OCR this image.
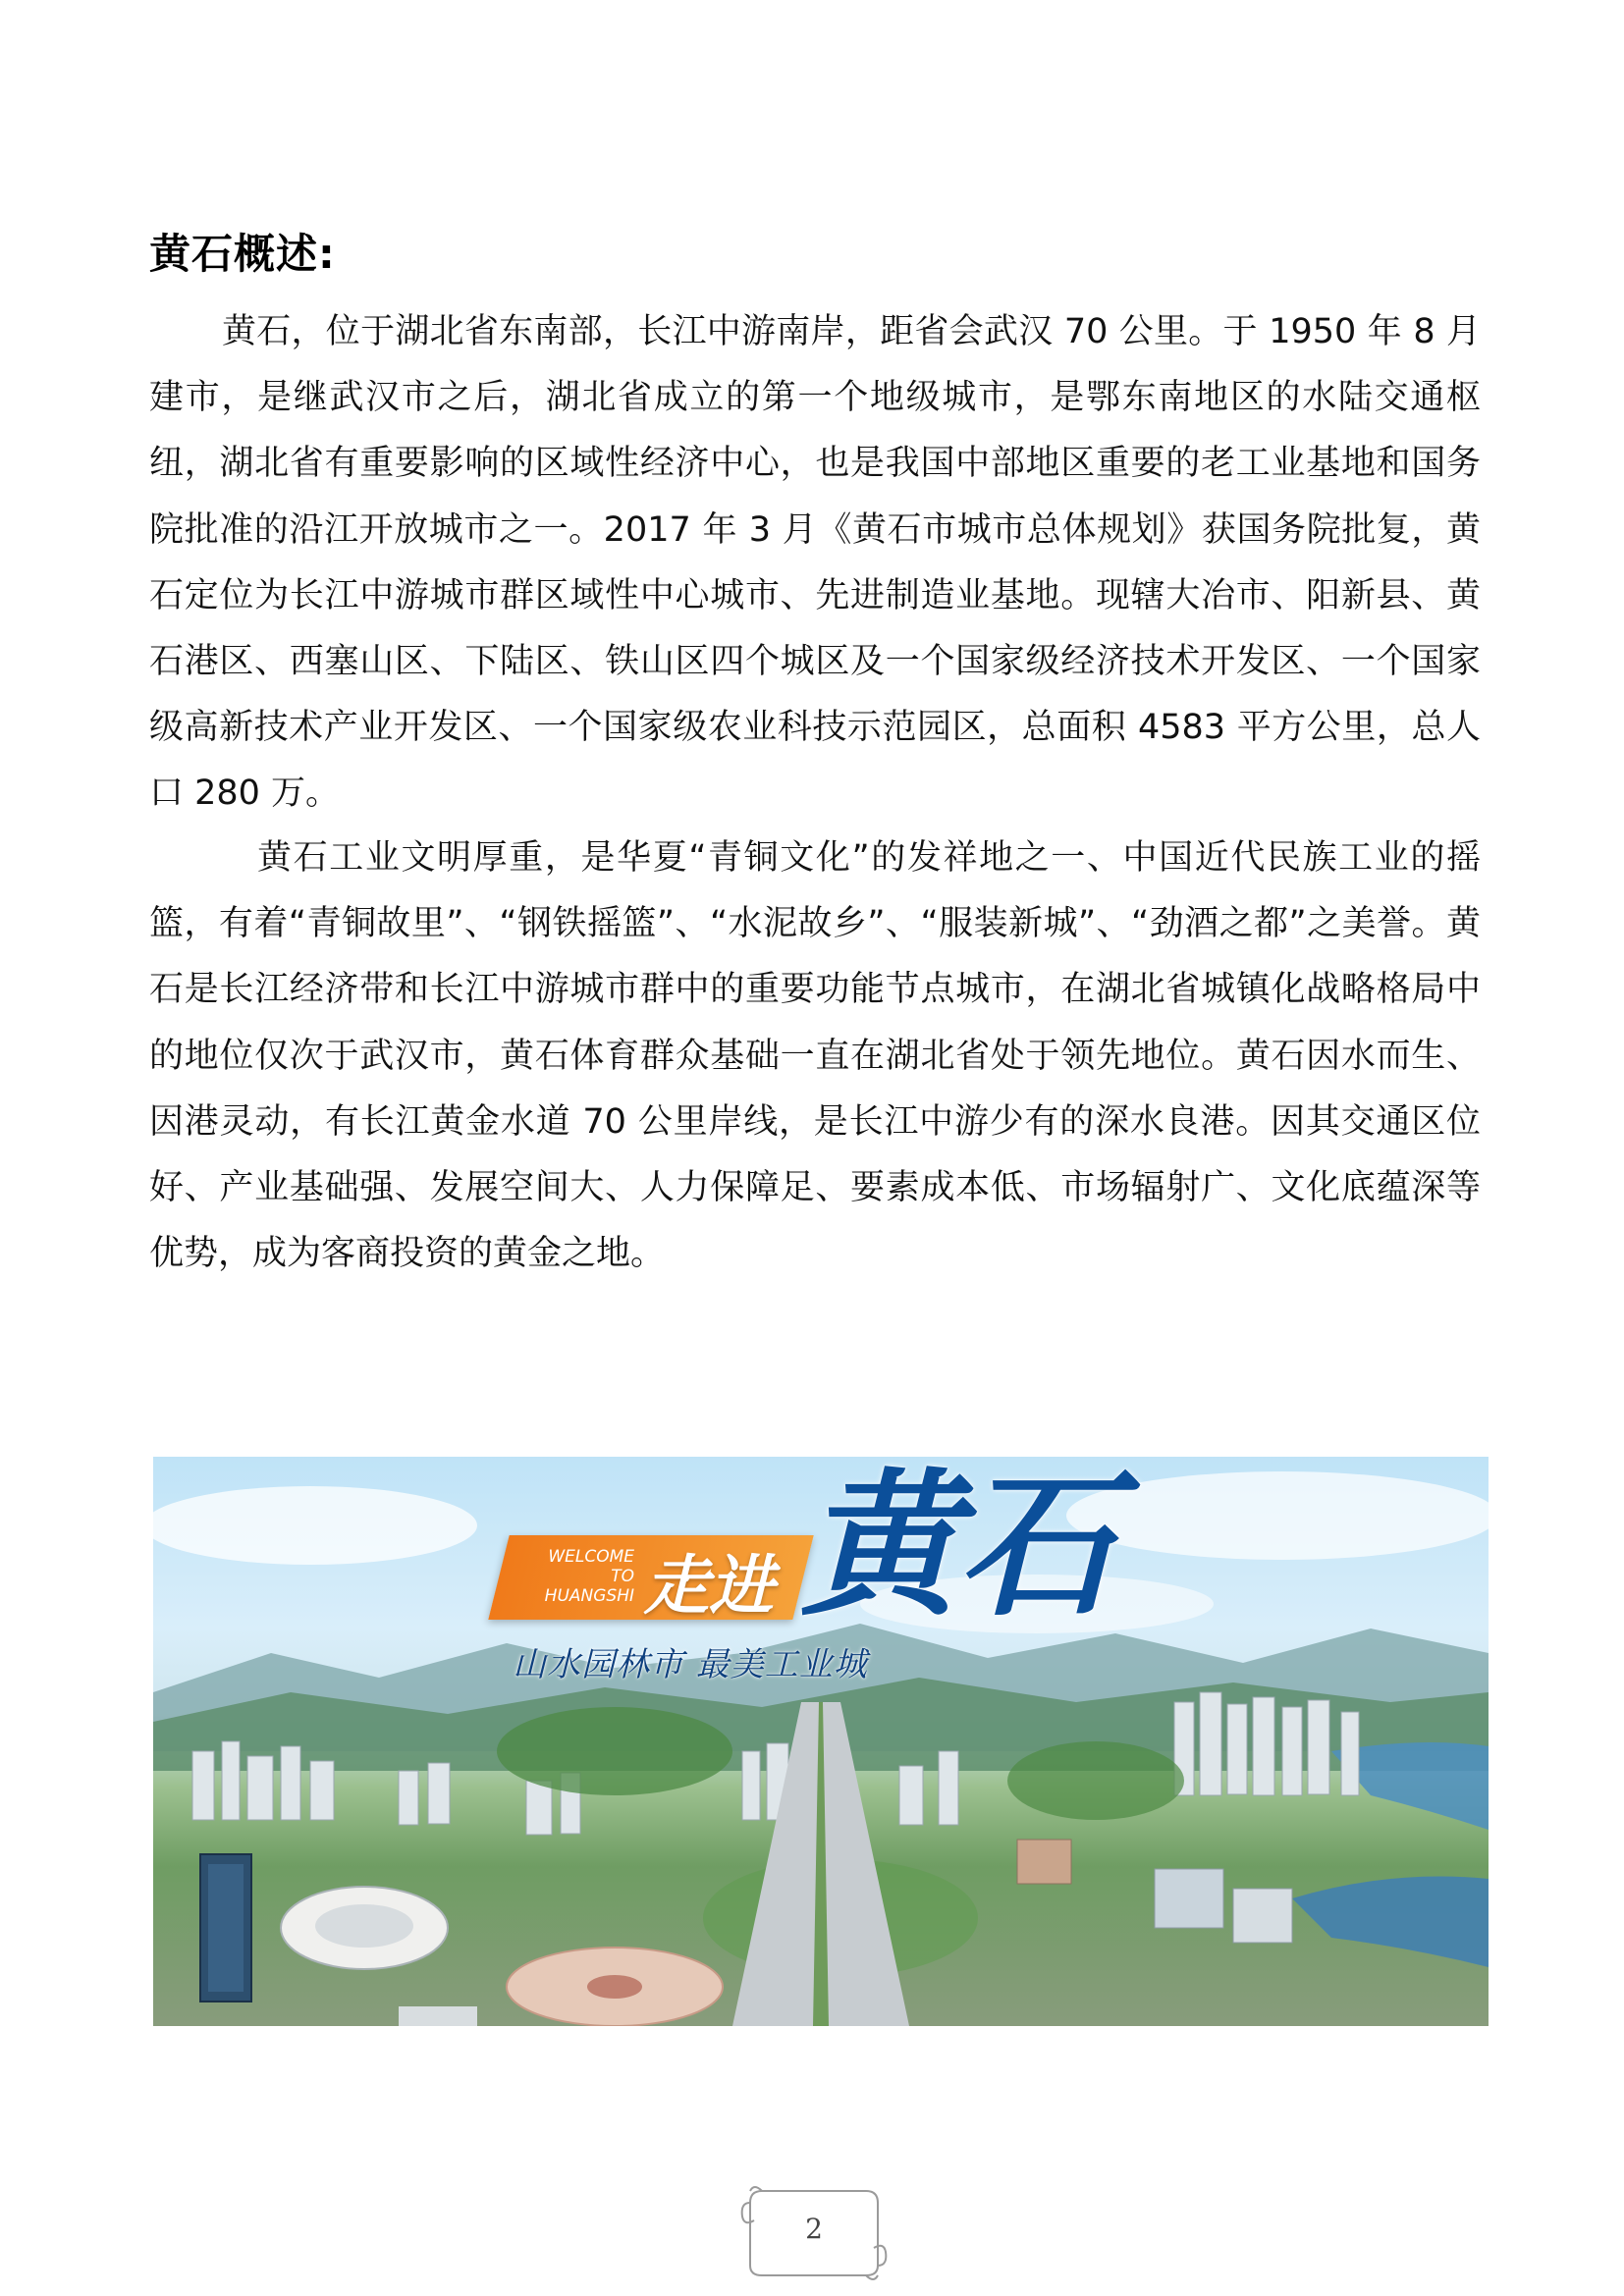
黄石概述:

黄石，位于湖北省东南部，长江中游南岸，距省会武汉 70 公里。于 1950 年 8 月建市，是继武汉市之后，湖北省成立的第一个地级城市，是鄂东南地区的水陆交通枢纽，湖北省有重要影响的区域性经济中心，也是我国中部地区重要的老工业基地和国务院批准的沿江开放城市之一。2017 年 3 月《黄石市城市总体规划》获国务院批复，黄石定位为长江中游城市群区域性中心城市、先进制造业基地。现辖大冶市、阳新县、黄石港区、西塞山区、下陆区、铁山区四个城区及一个国家级经济技术开发区、一个国家级高新技术产业开发区、一个国家级农业科技示范园区，总面积 4583 平方公里，总人口 280 万。

黄石工业文明厚重，是华夏“青铜文化”的发祥地之一、中国近代民族工业的摇篮，有着“青铜故里”、“钢铁摇篮”、“水泥故乡”、“服装新城”、“劲酒之都”之美誉。黄石是长江经济带和长江中游城市群中的重要功能节点城市，在湖北省城镇化战略格局中的地位仅次于武汉市，黄石体育群众基础一直在湖北省处于领先地位。黄石因水而生、因港灵动，有长江黄金水道 70 公里岸线，是长江中游少有的深水良港。因其交通区位好、产业基础强、发展空间大、人力保障足、要素成本低、市场辐射广、文化底蕴深等优势，成为客商投资的黄金之地。

WELCOME
TO HUANGSHI 走进 黄石
山水园林市 最美工业城
2
